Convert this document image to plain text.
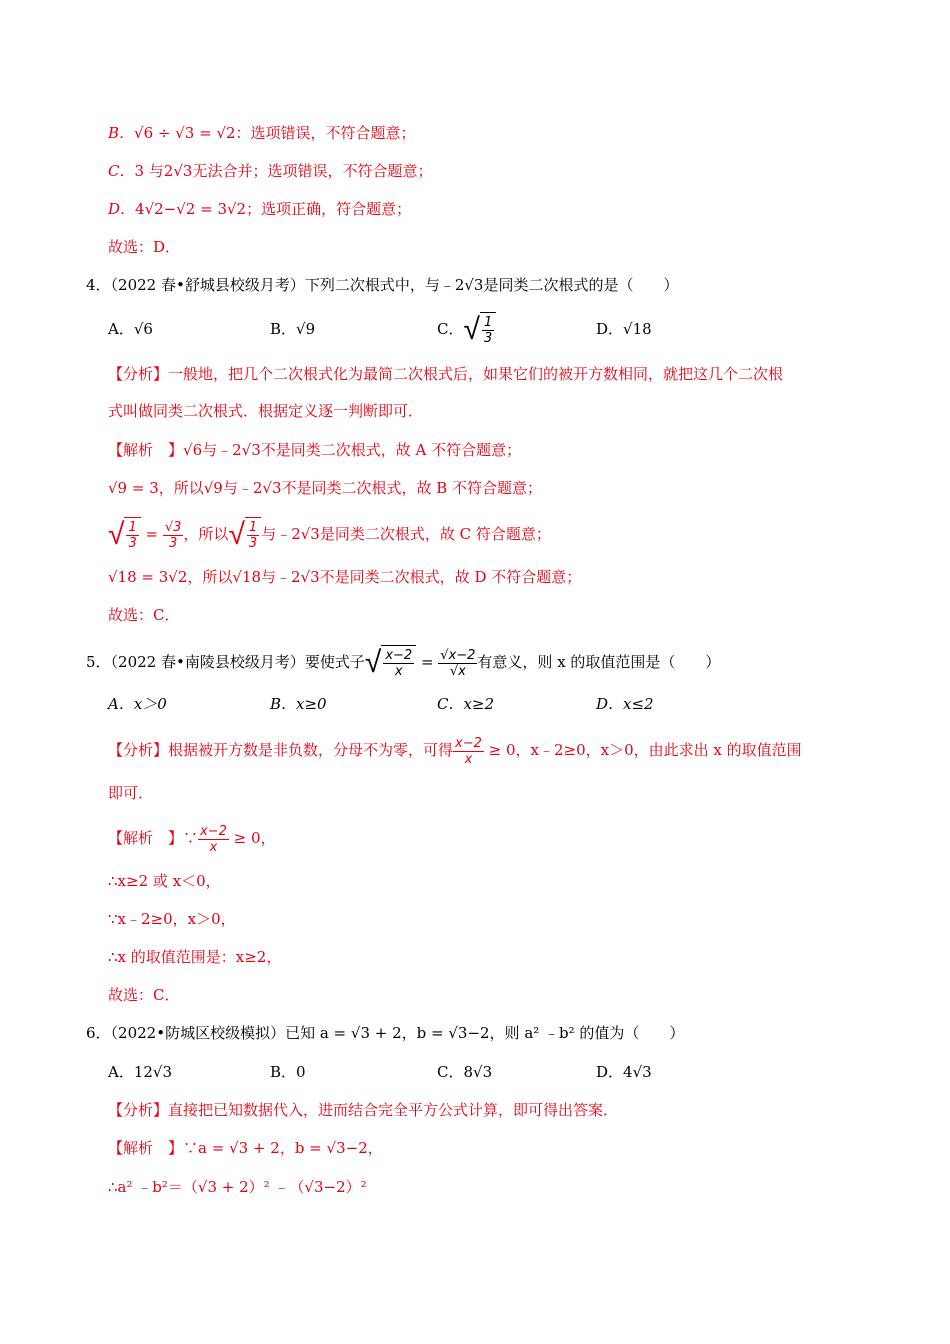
B．√6 ÷ √3 = √2：选项错误，不符合题意；
C．3 与2√3无法合并；选项错误，不符合题意；
D．4√2−√2 = 3√2；选项正确，符合题意；
故选：D．
4．（2022 春•舒城县校级月考）下列二次根式中，与﹣2√3是同类二次根式的是（　　）
A．√6	B．√9	C． √ $\frac{1}{3}$	D．√18
【分析】一般地，把几个二次根式化为最简二次根式后，如果它们的被开方数相同，就把这几个二次根
式叫做同类二次根式．根据定义逐一判断即可．
【解析　】√6与﹣2√3不是同类二次根式，故 A 不符合题意；
√9 = 3，所以√9与﹣2√3不是同类二次根式，故 B 不符合题意；
√ $\frac{1}{3} = \frac{√3}{3}$ ，所以 √ $\frac{1}{3}$ 与﹣2√3是同类二次根式，故 C 符合题意；
√18 = 3√2，所以√18与﹣2√3不是同类二次根式，故 D 不符合题意；
故选：C．
5．（2022 春•南陵县校级月考）要使式子 √ $\frac{x-2}{x} = \frac{√x-2}{√x}$ 有意义，则 x 的取值范围是（　　）
A．x＞0	B．x≥0	C．x≥2	D．x≤2
【分析】根据被开方数是非负数，分母不为零，可得 $\frac{x-2}{x} \ge 0$，x﹣2≥0，x＞0，由此求出 x 的取值范围
即可．
【解析　】∵ $\frac{x-2}{x} \ge 0$，
∴x≥2 或 x＜0，
∵x﹣2≥0，x＞0，
∴x 的取值范围是：x≥2，
故选：C．
6．（2022•防城区校级模拟）已知 a = √3 + 2，b = √3−2，则 a² ﹣b² 的值为（　　）
A．12√3	B．0	C．8√3	D．4√3
【分析】直接把已知数据代入，进而结合完全平方公式计算，即可得出答案．
【解析　】∵a = √3 + 2，b = √3−2，
∴a² ﹣b²＝（√3 + 2）² ﹣（√3−2）²
